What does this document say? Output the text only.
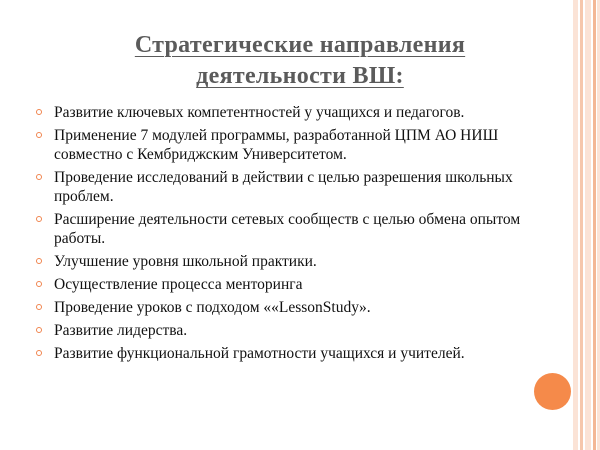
Стратегические направления
деятельности ВШ:
Развитие ключевых компетентностей у учащихся и педагогов.
Применение 7 модулей программы, разработанной ЦПМ АО НИШ совместно с Кембриджским Университетом.
Проведение исследований в действии с целью разрешения школьных проблем.
Расширение деятельности сетевых сообществ с целью обмена опытом работы.
Улучшение уровня школьной практики.
Осуществление процесса менторинга
Проведение уроков с подходом ««LessonStudy».
Развитие лидерства.
Развитие функциональной грамотности учащихся и учителей.
